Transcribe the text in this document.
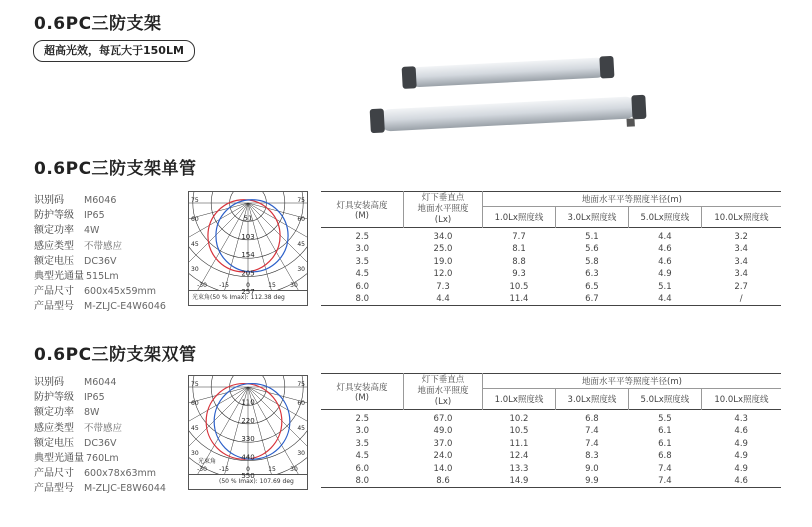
0.6PC三防支架
超高光效，每瓦大于150LM
0.6PC三防支架单管
识别码 M6046
防护等级 IP65
额定功率 4W
感应类型 不带感应
额定电压 DC36V
典型光通量 515Lm
产品尺寸 600x45x59mm
产品型号 M-ZLJC-E4W6046
51
103
154
205
257
75
60
45
30
75
60
45
30
-30 -15	0	15 30
光束角(50 % Imax): 112.38 deg
灯具安装高度
(M)	灯下垂直点
地面水平照度
(Lx)	地面水平平等照度半径(m)			
		1.0Lx照度线	3.0Lx照度线	5.0Lx照度线	10.0Lx照度线
2.5	34.0	7.7	5.1	4.4	3.2
3.0	25.0	8.1	5.6	4.6	3.4
3.5	19.0	8.8	5.8	4.6	3.4
4.5	12.0	9.3	6.3	4.9	3.4
6.0	7.3	10.5	6.5	5.1	2.7
8.0	4.4	11.4	6.7	4.4	/
0.6PC三防支架双管
识别码 M6044
防护等级 IP65
额定功率 8W
感应类型 不带感应
额定电压 DC36V
典型光通量 760Lm
产品尺寸 600x78x63mm
产品型号 M-ZLJC-E8W6044
110
220
330
440
550
75
60
45
30
75
60
45
30
-30 -15	0	15 30
光束角
(50 % Imax): 107.69 deg
灯具安装高度
(M)	灯下垂直点
地面水平照度
(Lx)	地面水平平等照度半径(m)			
		1.0Lx照度线	3.0Lx照度线	5.0Lx照度线	10.0Lx照度线
2.5	67.0	10.2	6.8	5.5	4.3
3.0	49.0	10.5	7.4	6.1	4.6
3.5	37.0	11.1	7.4	6.1	4.9
4.5	24.0	12.4	8.3	6.8	4.9
6.0	14.0	13.3	9.0	7.4	4.9
8.0	8.6	14.9	9.9	7.4	4.6
